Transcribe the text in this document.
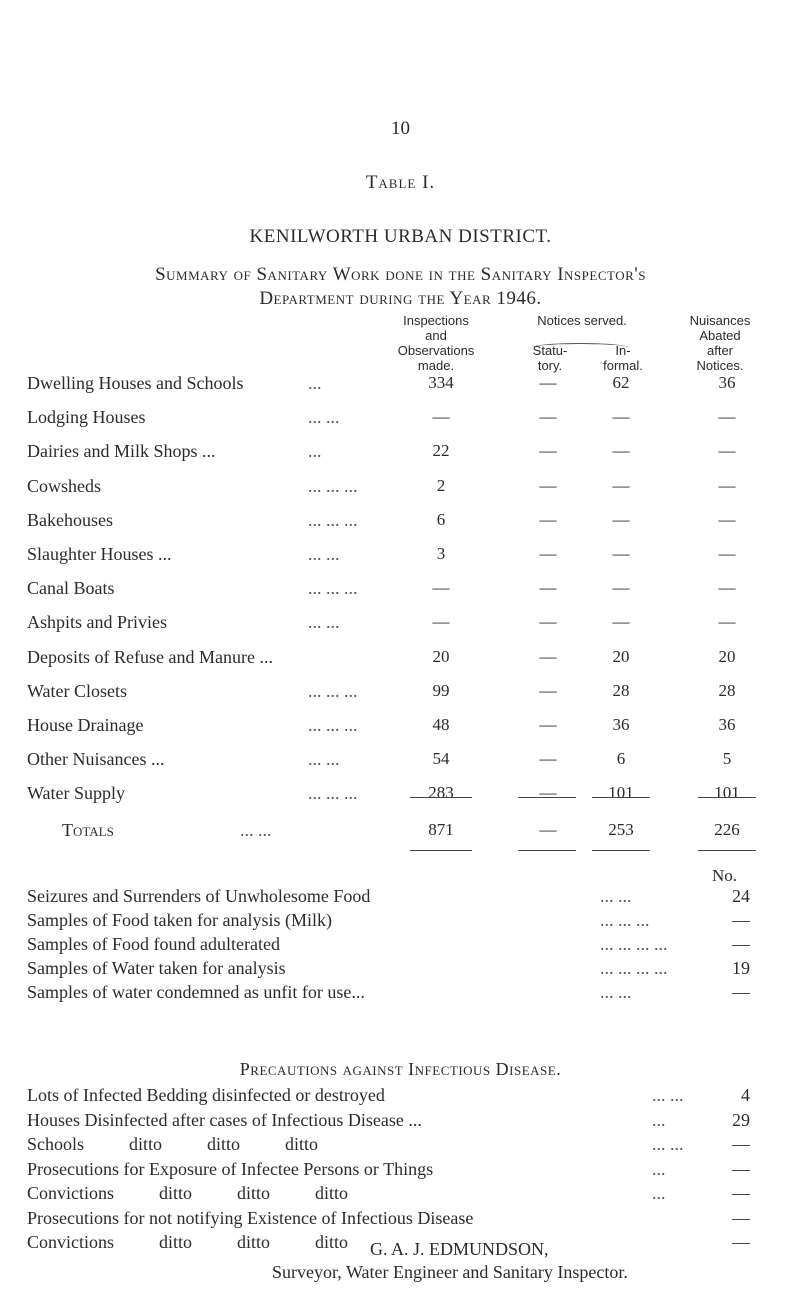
10
Table I.
KENILWORTH URBAN DISTRICT.
Summary of Sanitary Work done in the Sanitary Inspector's
Department during the Year 1946.
Inspections
and
Observations
made.
Notices served.
Statu-
tory.
In-
formal.
Nuisances
Abated
after
Notices.
Dwelling Houses and Schools	...	334	—	62	36
Lodging Houses	... ...	—	—	—	—
Dairies and Milk Shops ...	...	22	—	—	—
Cowsheds	... ... ...	2	—	—	—
Bakehouses	... ... ...	6	—	—	—
Slaughter Houses ...	... ...	3	—	—	—
Canal Boats	... ... ...	—	—	—	—
Ashpits and Privies	... ...	—	—	—	—
Deposits of Refuse and Manure ...	20	—	20	20
Water Closets	... ... ...	99	—	28	28
House Drainage	... ... ...	48	—	36	36
Other Nuisances ...	... ...	54	—	6	5
Water Supply	... ... ...	283	—	101	101
Totals	... ...	871	—	253	226
No.
Seizures and Surrenders of Unwholesome Food	... ...	24
Samples of Food taken for analysis (Milk)	... ... ...	—
Samples of Food found adulterated	... ... ... ...	—
Samples of Water taken for analysis	... ... ... ...	19
Samples of water condemned as unfit for use...	... ...	—
Precautions against Infectious Disease.
Lots of Infected Bedding disinfected or destroyed	... ...	4
Houses Disinfected after cases of Infectious Disease ...	...	29
Schools          ditto          ditto          ditto	... ...	—
Prosecutions for Exposure of Infectee Persons or Things	...	—
Convictions          ditto          ditto          ditto	...	—
Prosecutions for not notifying Existence of Infectious Disease	—
Convictions          ditto          ditto          ditto	—
G. A. J. EDMUNDSON,
Surveyor, Water Engineer and Sanitary Inspector.
